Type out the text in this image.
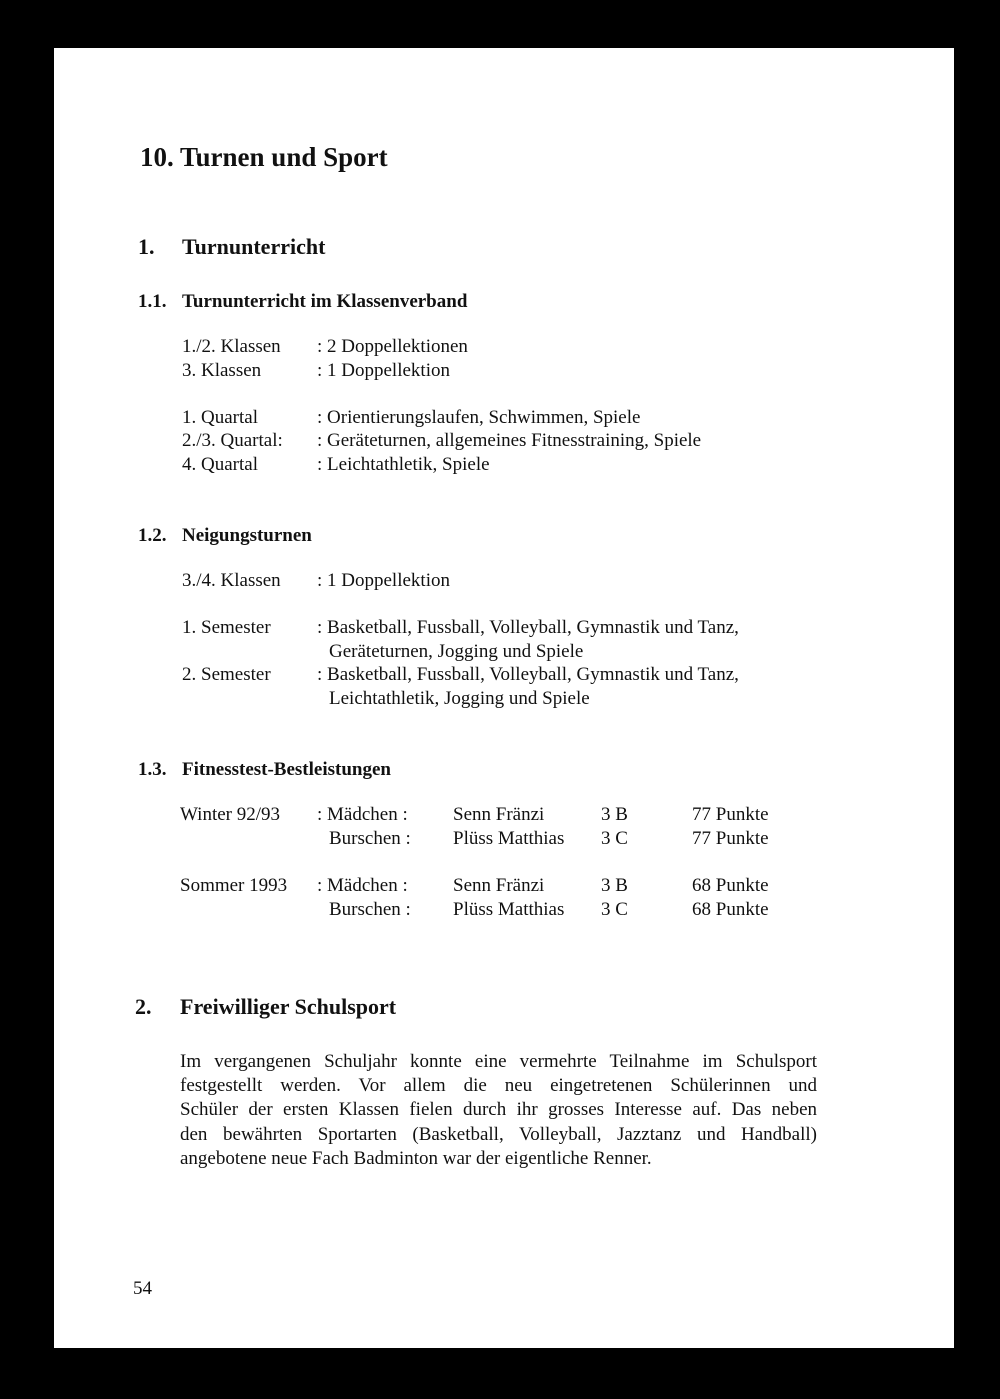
10. Turnen und Sport
1. Turnunterricht
1.1. Turnunterricht im Klassenverband
1./2. Klassen : 2 Doppellektionen
3. Klassen	: 1 Doppellektion
1. Quartal	: Orientierungslaufen, Schwimmen, Spiele
2./3. Quartal: : Geräteturnen, allgemeines Fitnesstraining, Spiele
4. Quartal	: Leichtathletik, Spiele
1.2. Neigungsturnen
3./4. Klassen : 1 Doppellektion
1. Semester : Basketball, Fussball, Volleyball, Gymnastik und Tanz,
Geräteturnen, Jogging und Spiele
2. Semester : Basketball, Fussball, Volleyball, Gymnastik und Tanz,
Leichtathletik, Jogging und Spiele
1.3. Fitnesstest-Bestleistungen
Winter 92/93 : Mädchen : Senn Fränzi	3 B	77 Punkte
Burschen : Plüss Matthias 3 C	77 Punkte
Sommer 1993 : Mädchen : Senn Fränzi	3 B	68 Punkte
Burschen : Plüss Matthias 3 C	68 Punkte
2. Freiwilliger Schulsport
Im vergangenen Schuljahr konnte eine vermehrte Teilnahme im Schulsport
festgestellt werden. Vor allem die neu eingetretenen Schülerinnen und
Schüler der ersten Klassen fielen durch ihr grosses Interesse auf. Das neben
den bewährten Sportarten (Basketball, Volleyball, Jazztanz und Handball)
angebotene neue Fach Badminton war der eigentliche Renner.
54
